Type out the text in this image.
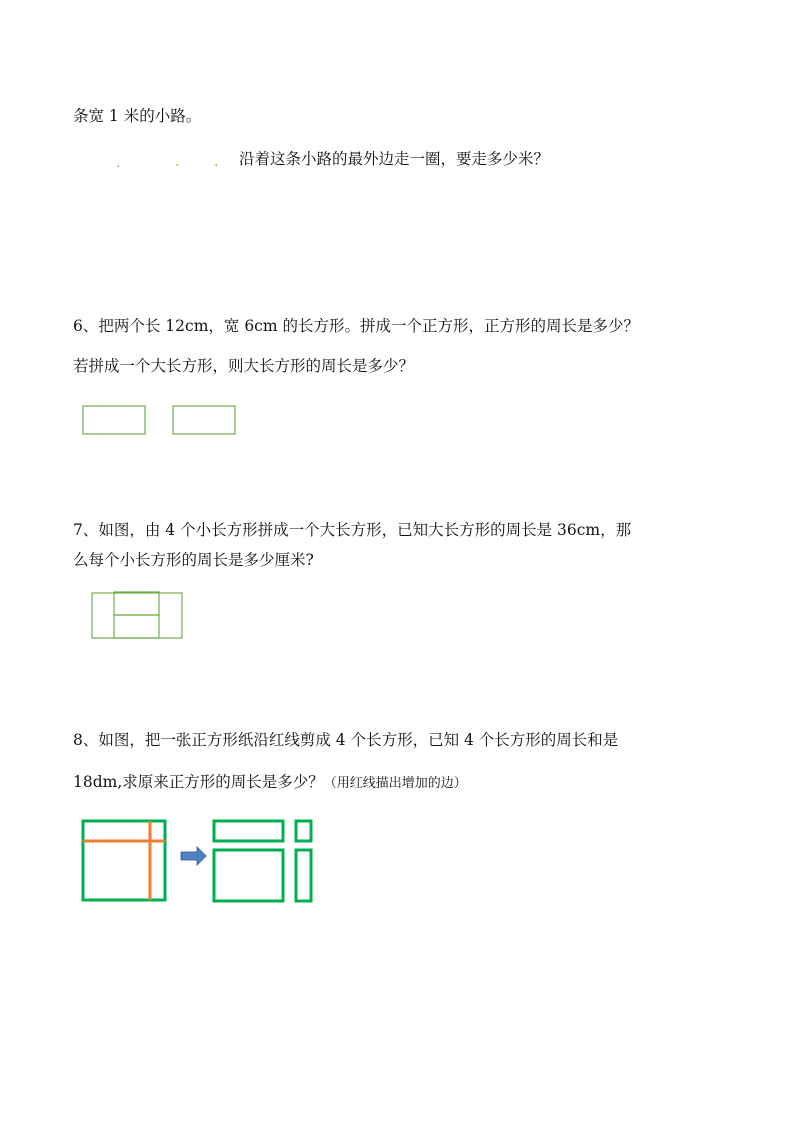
条宽 1 米的小路。
.	. . 沿着这条小路的最外边走一圈，要走多少米？
6、把两个长 12cm，宽 6cm 的长方形。拼成一个正方形，正方形的周长是多少？
若拼成一个大长方形，则大长方形的周长是多少？
7、如图，由 4 个小长方形拼成一个大长方形，已知大长方形的周长是 36cm，那
么每个小长方形的周长是多少厘米?
8、如图，把一张正方形纸沿红线剪成 4 个长方形，已知 4 个长方形的周长和是
18dm,求原来正方形的周长是多少？（用红线描出增加的边）
